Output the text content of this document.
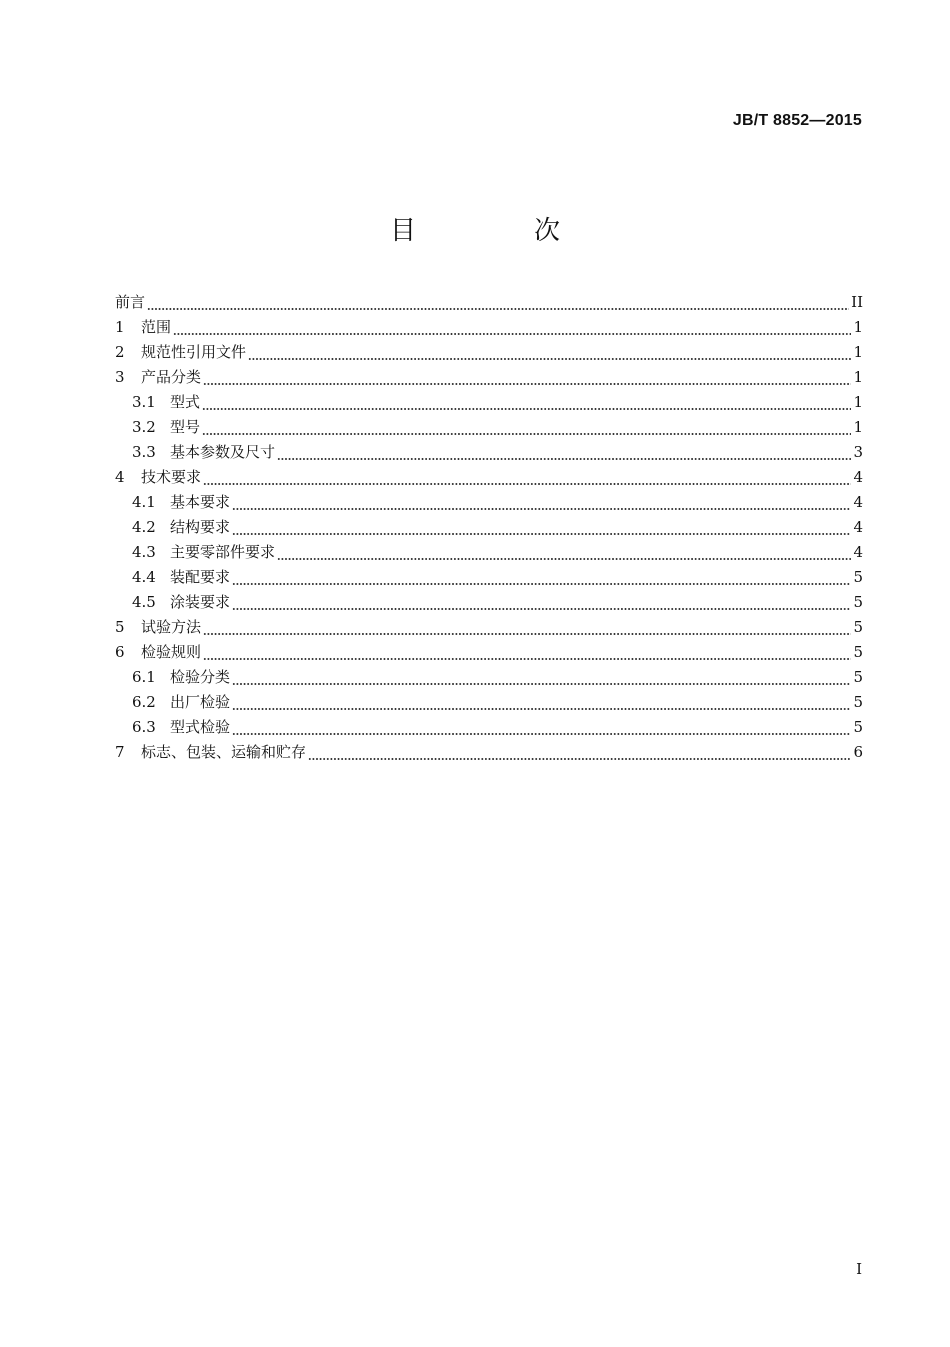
JB/T 8852—2015
目　次
前言	II
1	范围	1
2	规范性引用文件	1
3	产品分类	1
3.1 型式	1
3.2 型号	1
3.3 基本参数及尺寸	3
4	技术要求	4
4.1 基本要求	4
4.2 结构要求	4
4.3 主要零部件要求	4
4.4 装配要求	5
4.5 涂装要求	5
5	试验方法	5
6	检验规则	5
6.1 检验分类	5
6.2 出厂检验	5
6.3 型式检验	5
7	标志、包装、运输和贮存	6
I
